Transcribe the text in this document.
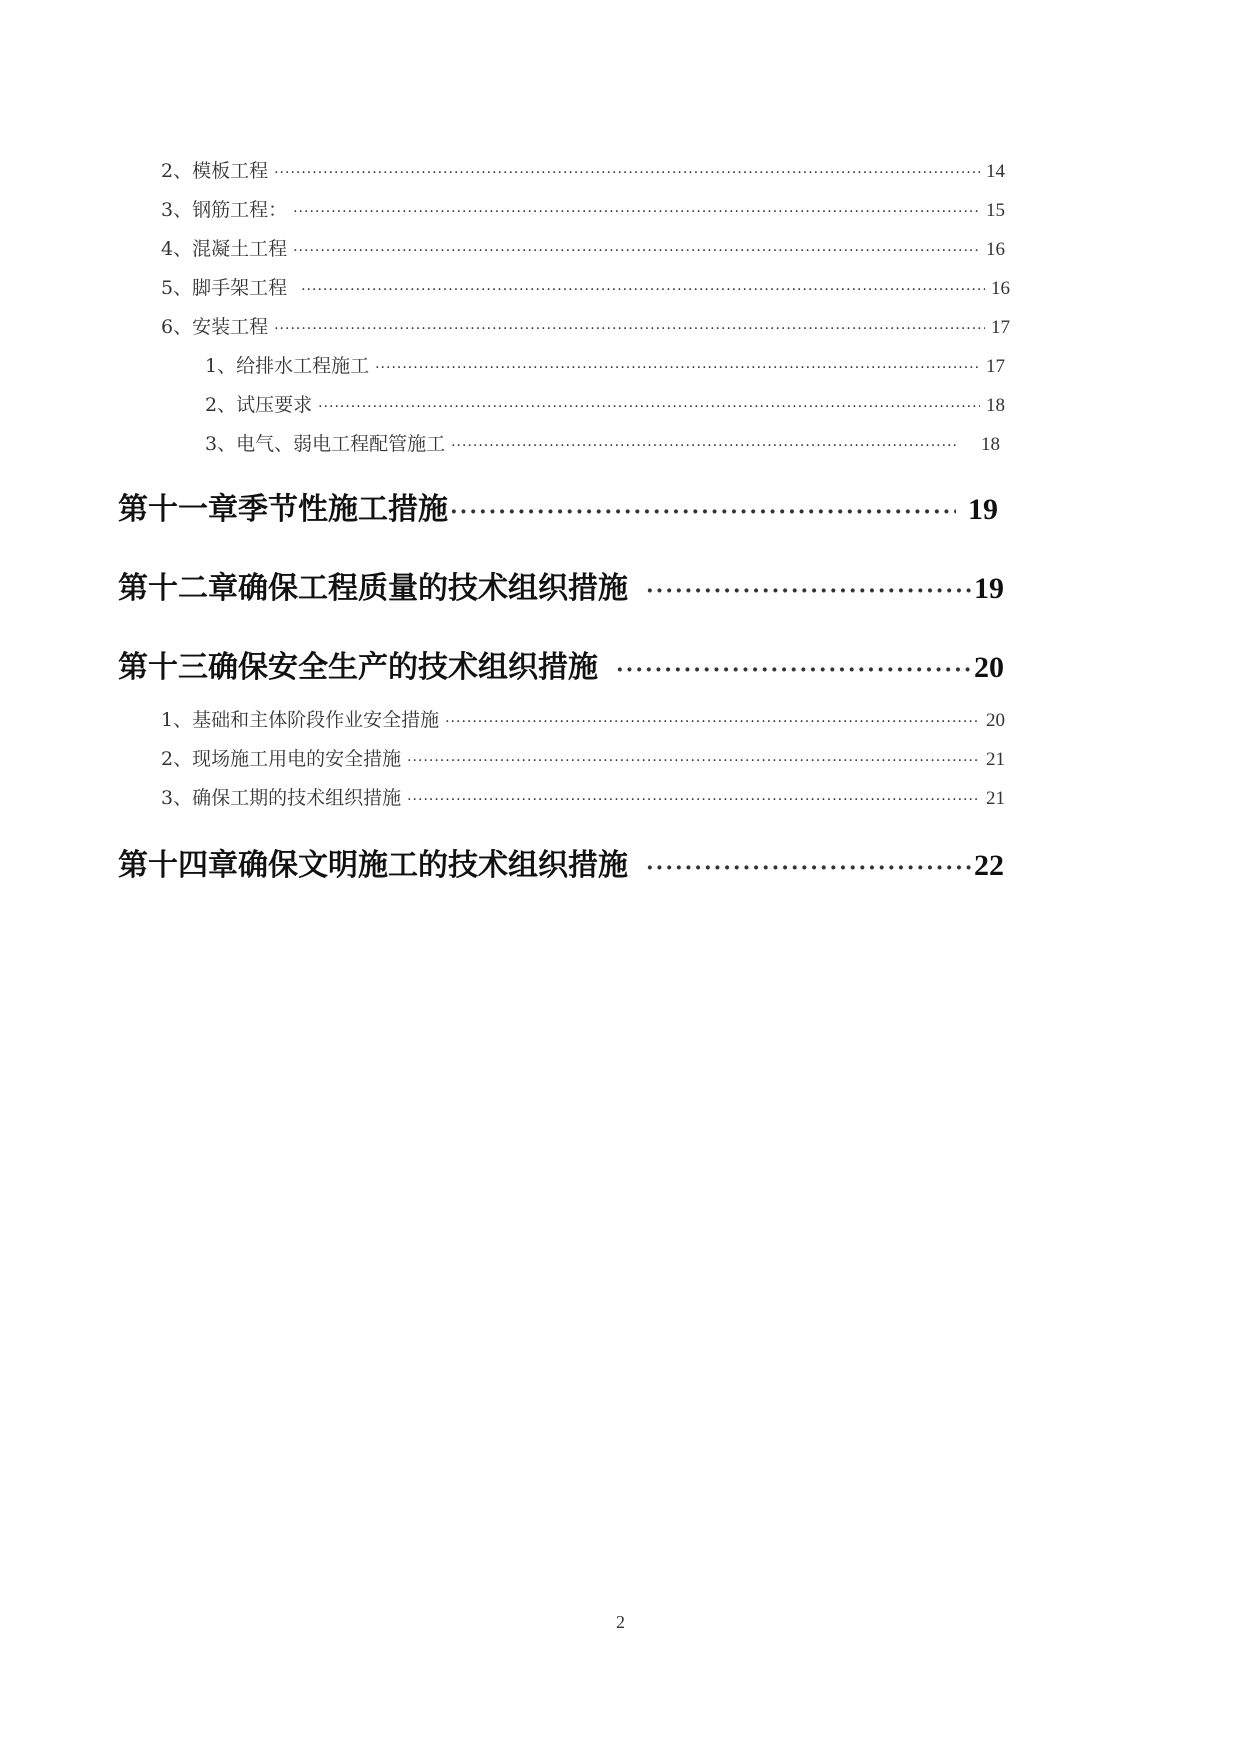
2、模板工程 ·····	14
3、钢筋工程： ·····	15
4、混凝土工程 ·····	16
5、脚手架工程 ·····	16
6、安装工程 ·····	17
1、给排水工程施工 ·····	17
2、试压要求 ·····	18
3、电气、弱电工程配管施工 ·····	18
第十一章季节性施工措施 ·····	19
第十二章确保工程质量的技术组织措施 ·····	19
第十三确保安全生产的技术组织措施 ·····	20
1、基础和主体阶段作业安全措施 ·····	20
2、现场施工用电的安全措施 ·····	21
3、确保工期的技术组织措施 ·····	21
第十四章确保文明施工的技术组织措施 ·····	22
2
